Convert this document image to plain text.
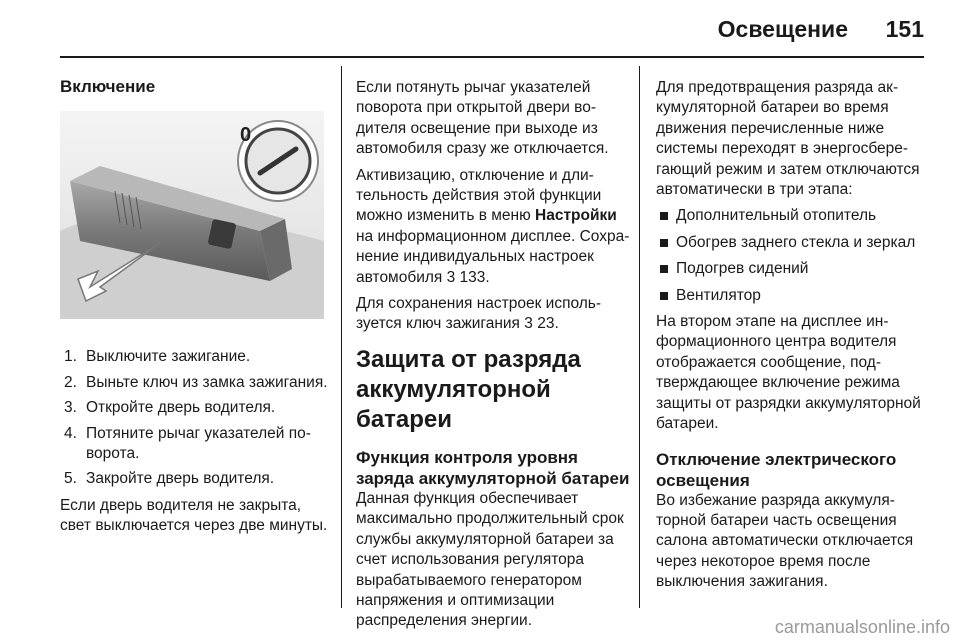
Освещение 151
Включение
0
1. Выключите зажигание.
2. Выньте ключ из замка зажигания.
3. Откройте дверь водителя.
4. Потяните рычаг указателей поворота.
5. Закройте дверь водителя.

Если дверь водителя не закрыта, свет выключается через две минуты.

Если потянуть рычаг указателей поворота при открытой двери водителя освещение при выходе из автомобиля сразу же отключается.

Активизацию, отключение и длительность действия этой функции можно изменить в меню Настройки на информационном дисплее. Сохранение индивидуальных настроек автомобиля 3 133.

Для сохранения настроек используется ключ зажигания 3 23.

Защита от разряда аккумуляторной батареи
Функция контроля уровня заряда аккумуляторной батареи

Данная функция обеспечивает максимально продолжительный срок службы аккумуляторной батареи за счет использования регулятора вырабатываемого генератором напряжения и оптимизации распределения энергии.

Для предотвращения разряда аккумуляторной батареи во время движения перечисленные ниже системы переходят в энергосберегающий режим и затем отключаются автоматически в три этапа:

Дополнительный отопитель
Обогрев заднего стекла и зеркал
Подогрев сидений
Вентилятор

На втором этапе на дисплее информационного центра водителя отображается сообщение, подтверждающее включение режима защиты от разрядки аккумуляторной батареи.

Отключение электрического освещения

Во избежание разряда аккумуляторной батареи часть освещения салона автоматически отключается через некоторое время после выключения зажигания.

carmanualsonline.info
